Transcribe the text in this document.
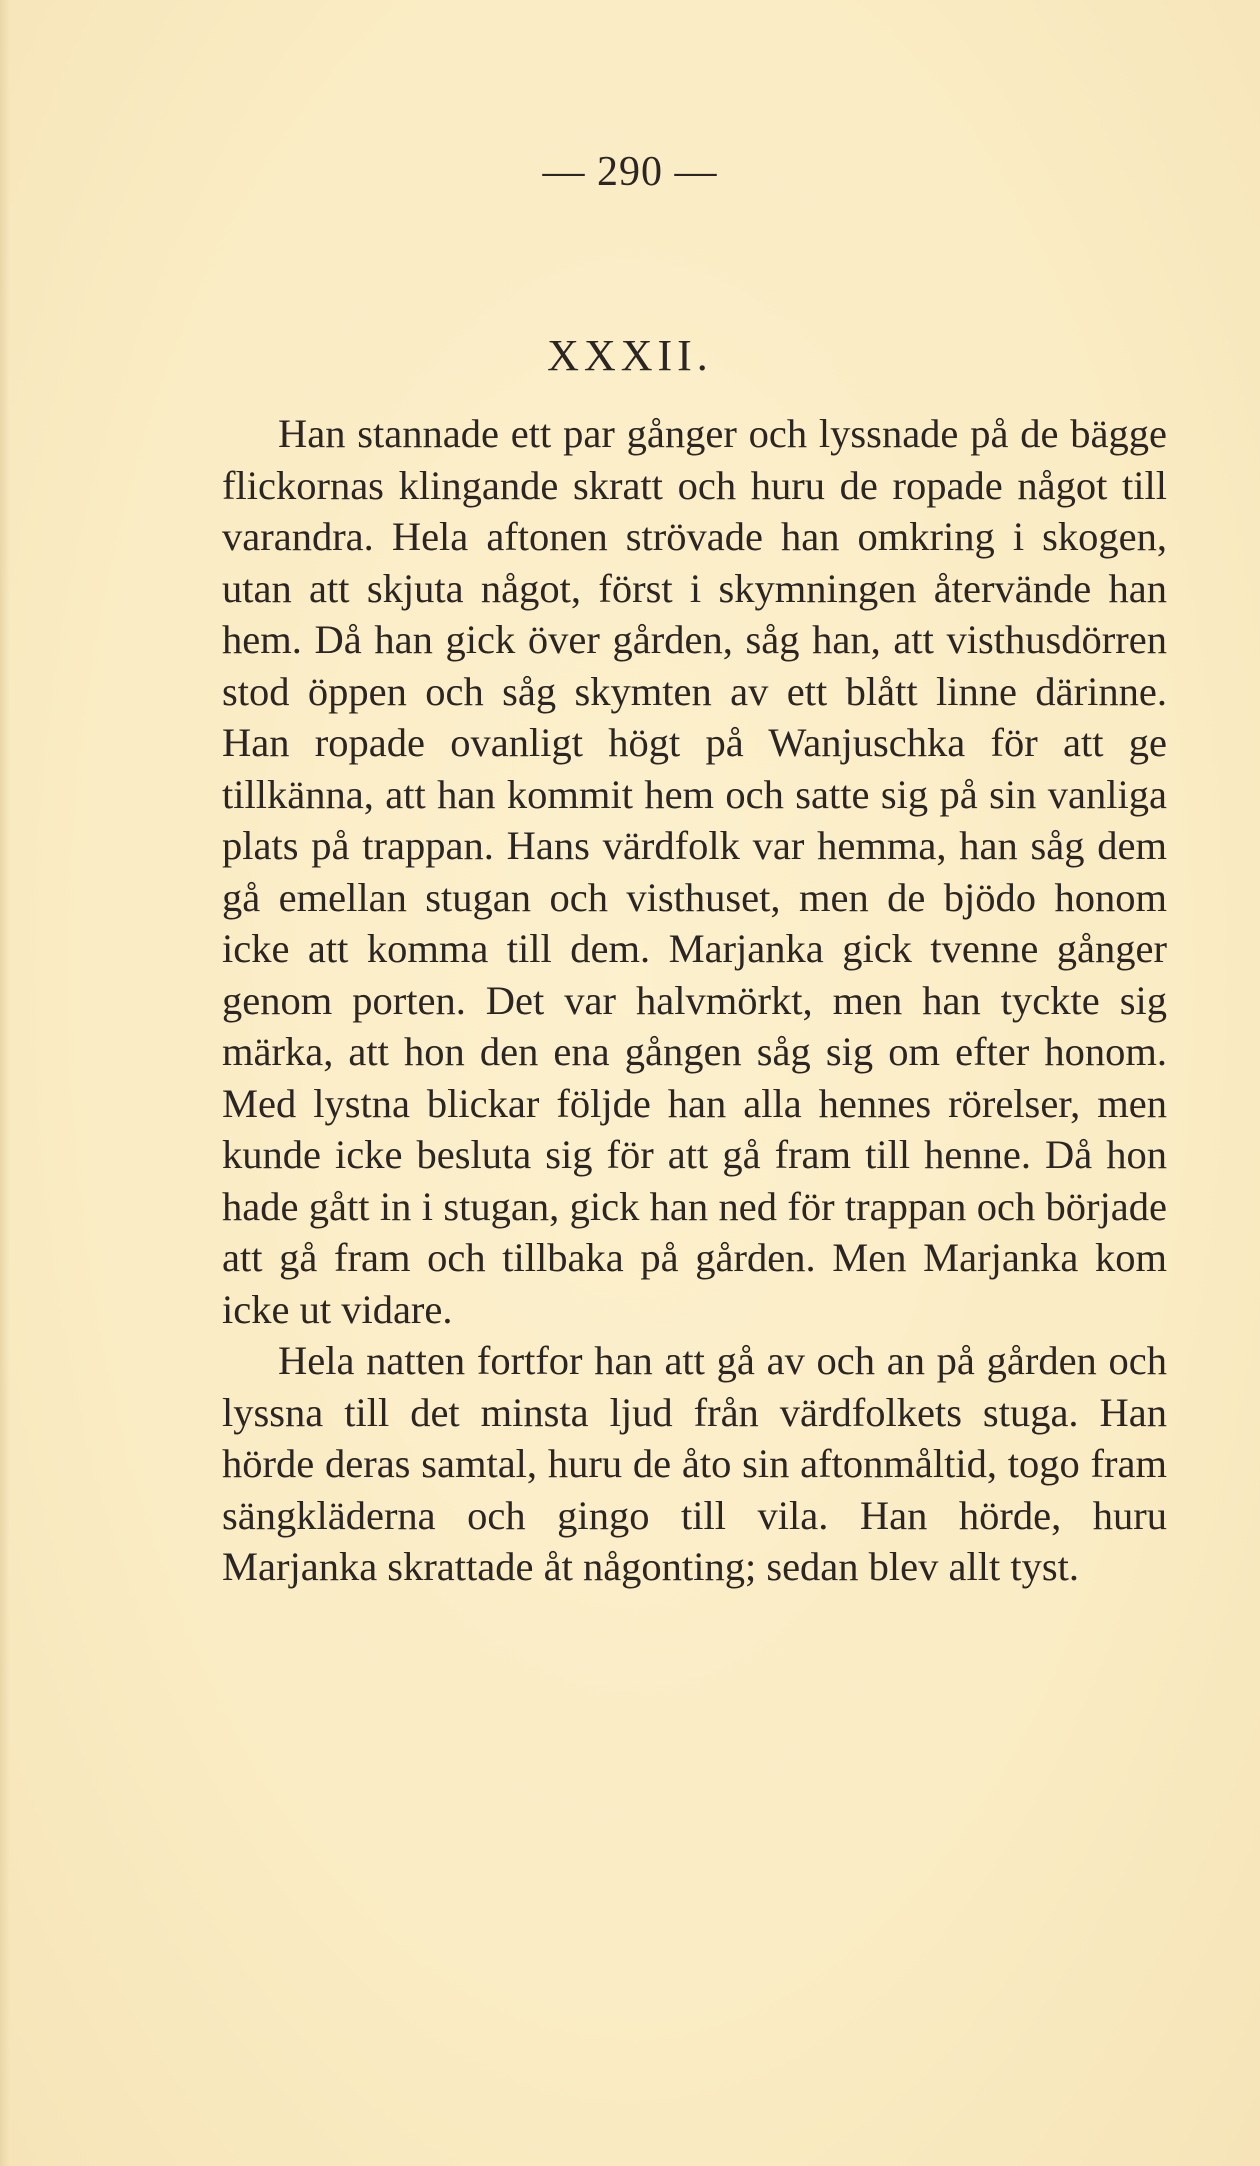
— 290 —
XXXII.

Han stannade ett par gånger och lyssnade på de bägge flickornas klingande skratt och huru de ropade något till varandra. Hela aftonen strövade han omkring i skogen, utan att skjuta något, först i skymningen återvände han hem. Då han gick över gården, såg han, att visthusdörren stod öppen och såg skymten av ett blått linne därinne. Han ropade ovanligt högt på Wanjuschka för att ge tillkänna, att han kommit hem och satte sig på sin vanliga plats på trappan. Hans värdfolk var hemma, han såg dem gå emellan stugan och visthuset, men de bjödo honom icke att komma till dem. Marjanka gick tvenne gånger genom porten. Det var halvmörkt, men han tyckte sig märka, att hon den ena gången såg sig om efter honom. Med lystna blickar följde han alla hennes rörelser, men kunde icke besluta sig för att gå fram till henne. Då hon hade gått in i stugan, gick han ned för trappan och började att gå fram och tillbaka på gården. Men Marjanka kom icke ut vidare.

Hela natten fortfor han att gå av och an på gården och lyssna till det minsta ljud från värdfolkets stuga. Han hörde deras samtal, huru de åto sin aftonmåltid, togo fram sängkläderna och gingo till vila. Han hörde, huru Marjanka skrattade åt någonting; sedan blev allt tyst.
